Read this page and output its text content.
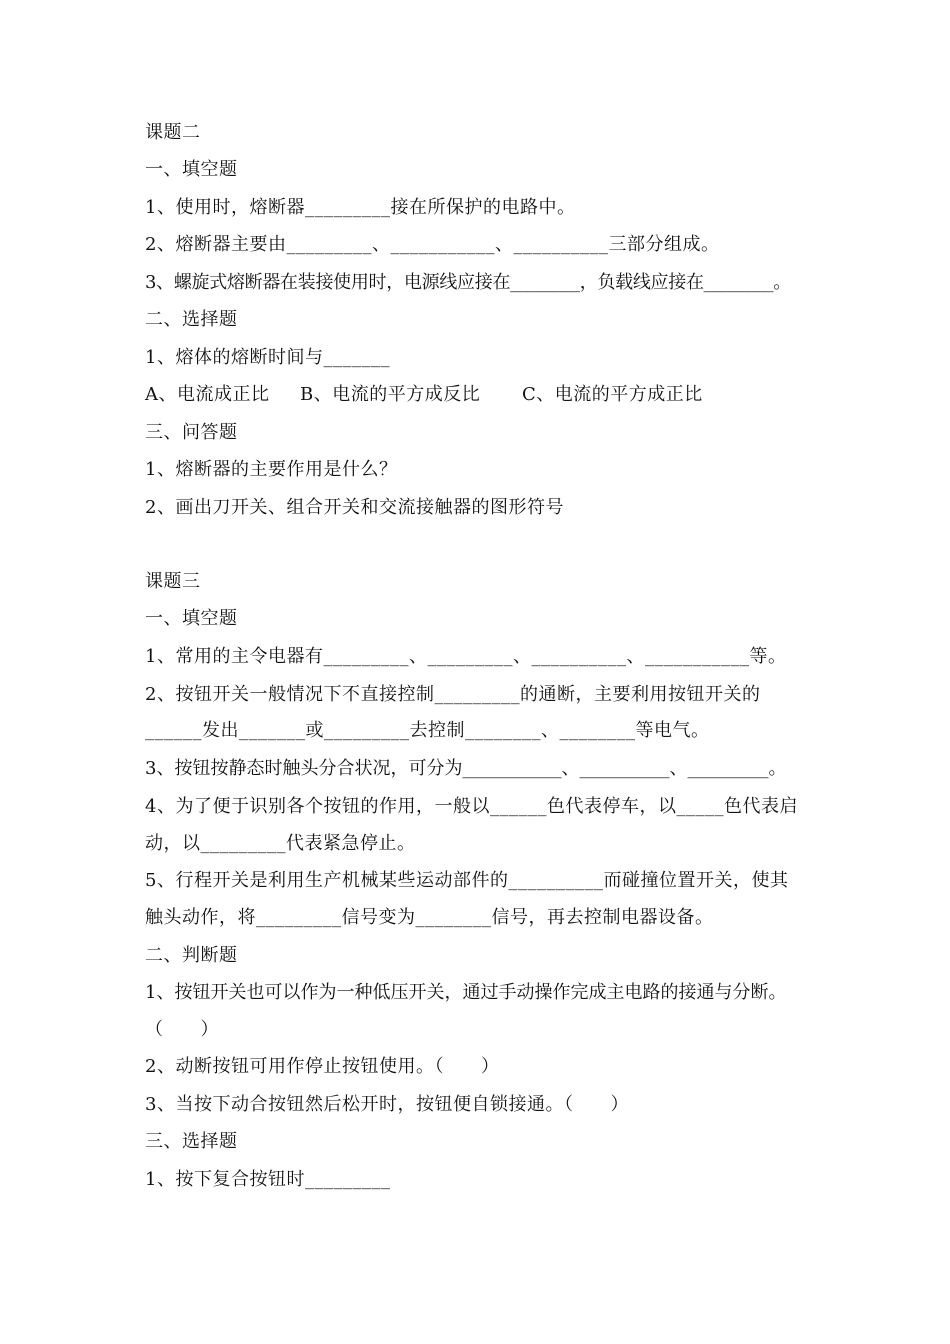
课题二
一、填空题
1、使用时，熔断器_________接在所保护的电路中。
2、熔断器主要由_________、___________、__________三部分组成。
3、螺旋式熔断器在装接使用时，电源线应接在________，负载线应接在________。
二、选择题
1、熔体的熔断时间与_______

A、电流成正比

B、电流的平方成反比

C、电流的平方成正比

三、问答题
1、熔断器的主要作用是什么？
2、画出刀开关、组合开关和交流接触器的图形符号
课题三
一、填空题
1、常用的主令电器有_________、_________、__________、___________等。
2、按钮开关一般情况下不直接控制_________的通断，主要利用按钮开关的
______发出_______或_________去控制________、________等电气。
3、按钮按静态时触头分合状况，可分为___________、__________、_________。
4、为了便于识别各个按钮的作用，一般以______色代表停车，以_____色代表启
动，以_________代表紧急停止。
5、行程开关是利用生产机械某些运动部件的__________而碰撞位置开关，使其
触头动作，将_________信号变为________信号，再去控制电器设备。
二、判断题
1、按钮开关也可以作为一种低压开关，通过手动操作完成主电路的接通与分断。
（　　）
2、动断按钮可用作停止按钮使用。（　　）
3、当按下动合按钮然后松开时，按钮便自锁接通。（　　）
三、选择题
1、按下复合按钮时_________
